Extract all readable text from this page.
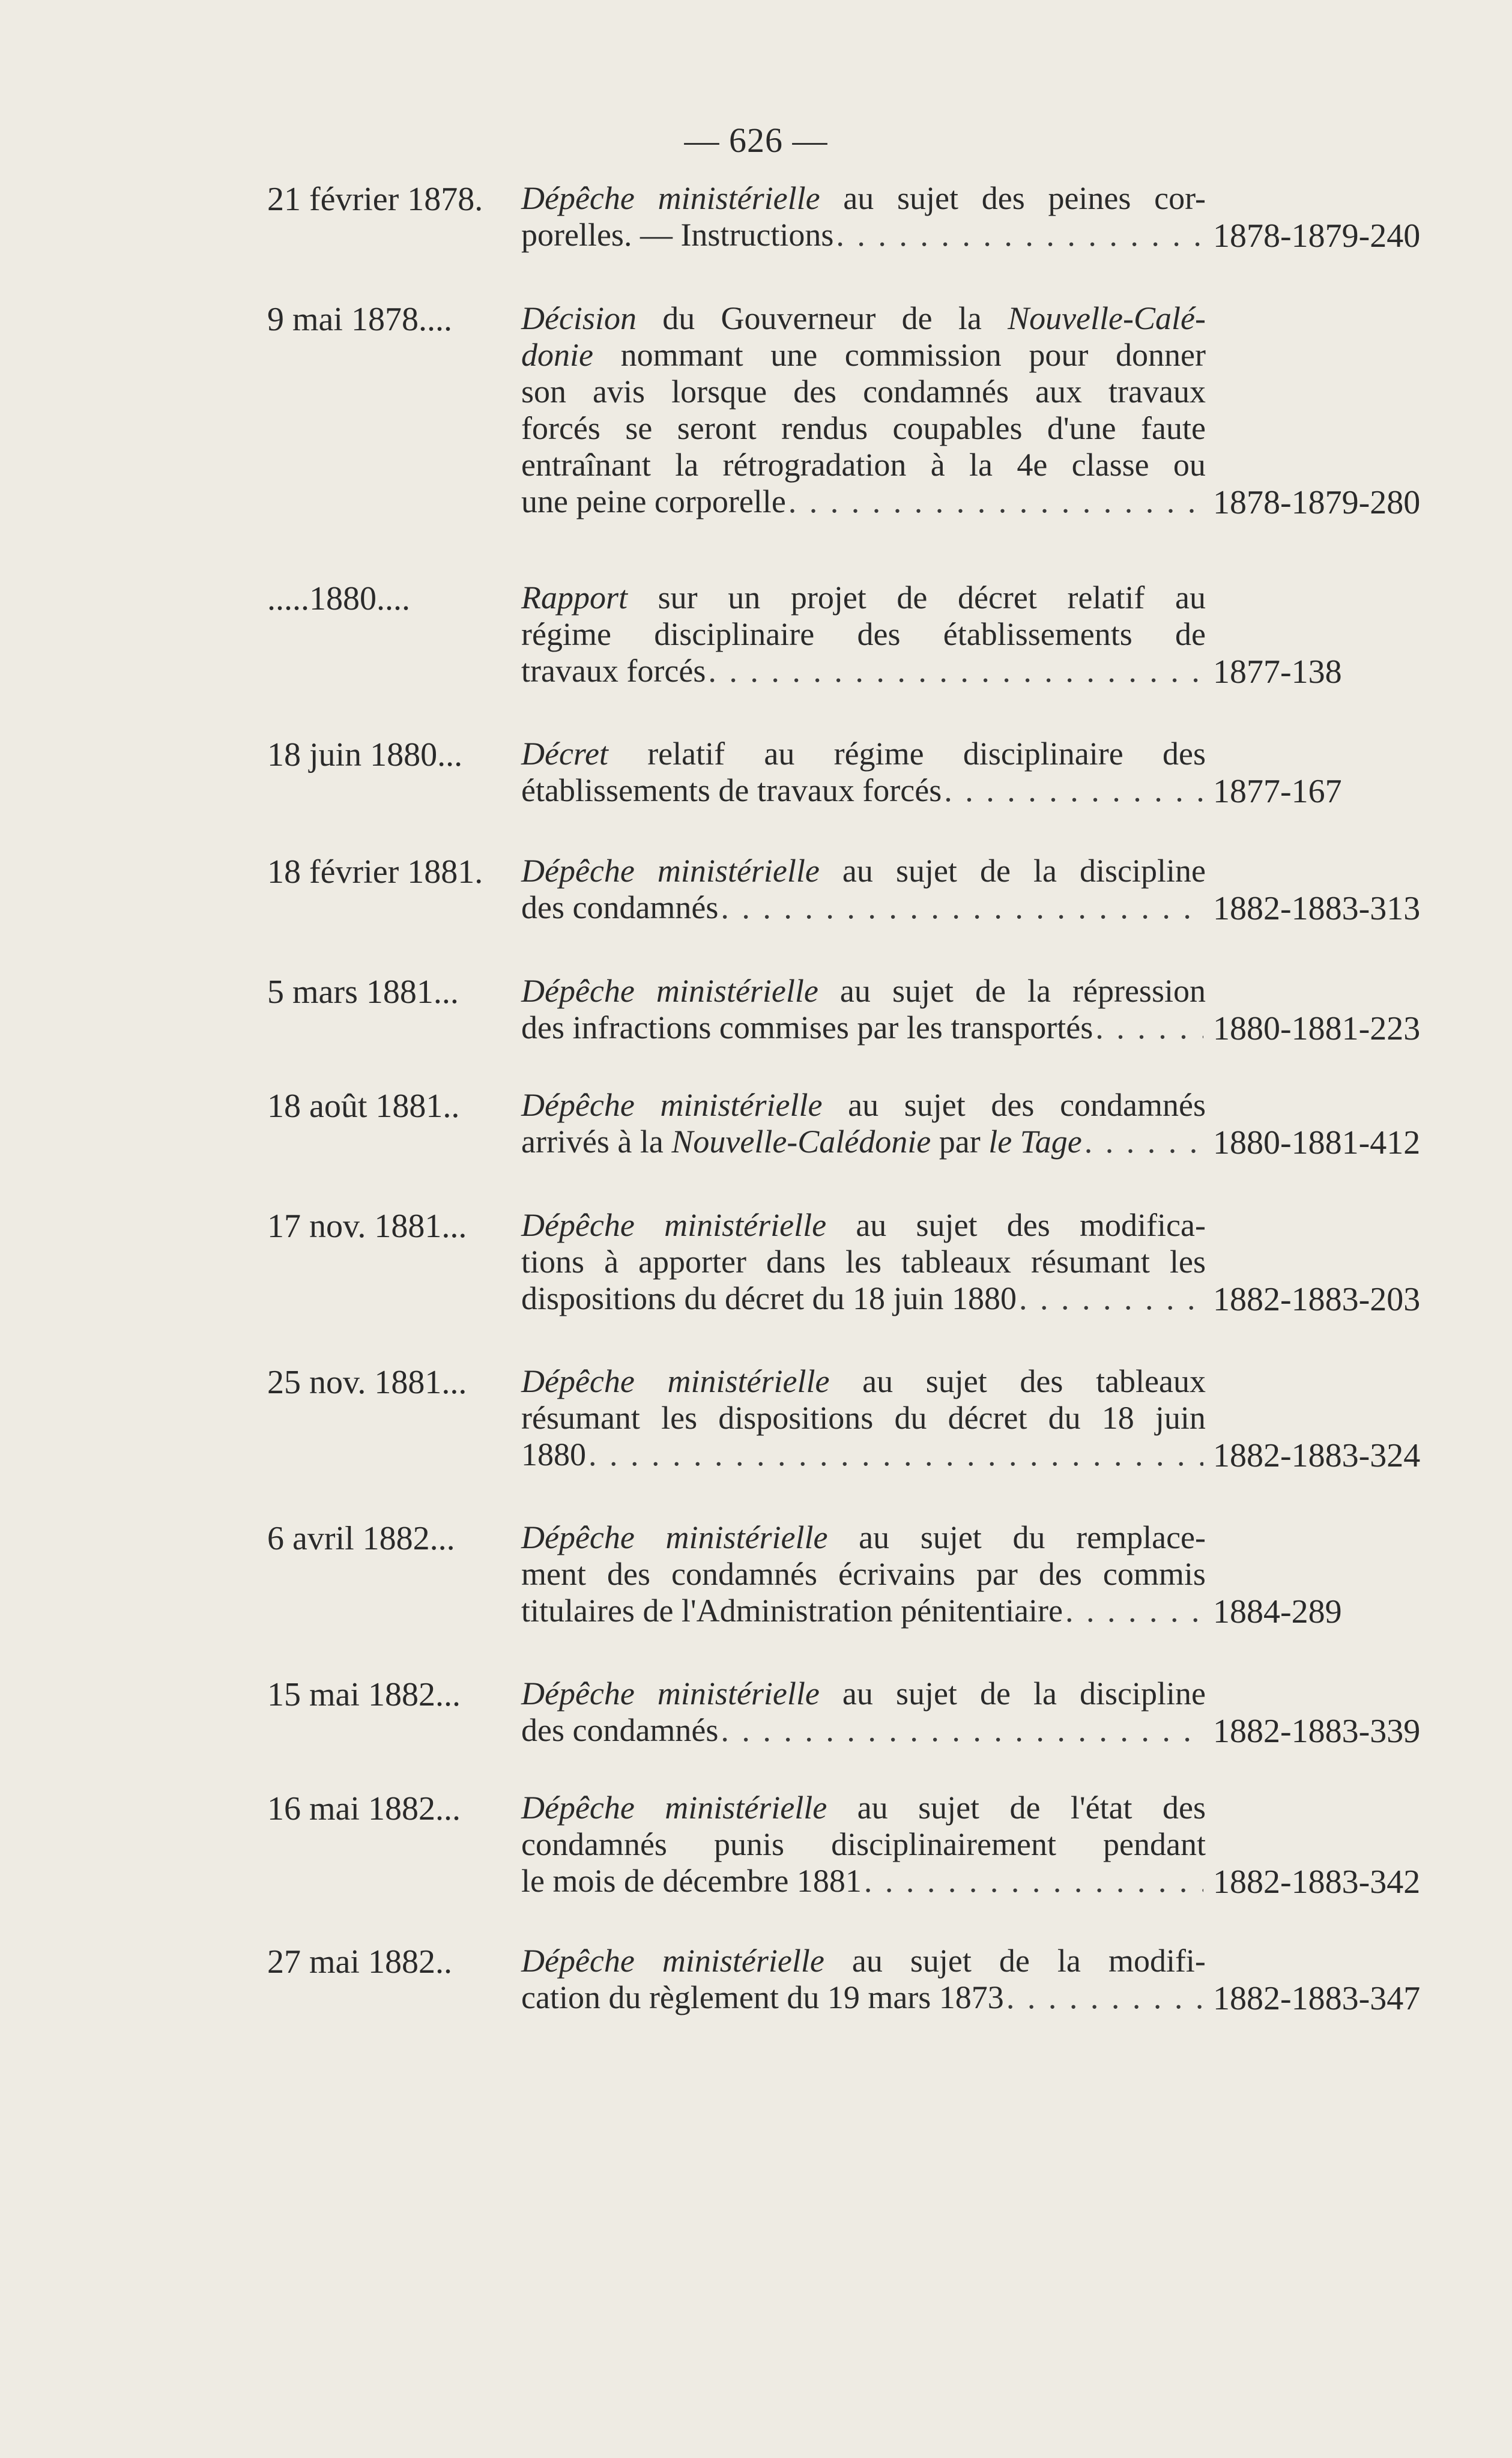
— 626 —
21 février 1878. Dépêche ministérielle au sujet des peines cor-
porelles. — Instructions . . .	1878-1879-240
9 mai 1878.... Décision du Gouverneur de la Nouvelle-Calé-
donie nommant une commission pour donner
son avis lorsque des condamnés aux travaux
forcés se seront rendus coupables d'une faute
entraînant la rétrogradation à la 4e classe ou
une peine corporelle . . .	1878-1879-280
.....1880....	Rapport sur un projet de décret relatif au
régime disciplinaire des établissements de
travaux forcés . . .	1877-138
18 juin 1880... Décret relatif au régime disciplinaire des
établissements de travaux forcés . . .	1877-167
18 février 1881. Dépêche ministérielle au sujet de la discipline
des condamnés . . .	1882-1883-313
5 mars 1881... Dépêche ministérielle au sujet de la répression
des infractions commises par les transportés . . .	1880-1881-223
18 août 1881.. Dépêche ministérielle au sujet des condamnés
arrivés à la Nouvelle-Calédonie par le Tage . . .	1880-1881-412
17 nov. 1881... Dépêche ministérielle au sujet des modifica-
tions à apporter dans les tableaux résumant les
dispositions du décret du 18 juin 1880 . . .	1882-1883-203
25 nov. 1881... Dépêche ministérielle au sujet des tableaux
résumant les dispositions du décret du 18 juin
1880 . . .	1882-1883-324
6 avril 1882... Dépêche ministérielle au sujet du remplace-
ment des condamnés écrivains par des commis
titulaires de l'Administration pénitentiaire . . .	1884-289
15 mai 1882... Dépêche ministérielle au sujet de la discipline
des condamnés . . .	1882-1883-339
16 mai 1882... Dépêche ministérielle au sujet de l'état des
condamnés punis disciplinairement pendant
le mois de décembre 1881 . . .	1882-1883-342
27 mai 1882.. Dépêche ministérielle au sujet de la modifi-
cation du règlement du 19 mars 1873 . . .	1882-1883-347
